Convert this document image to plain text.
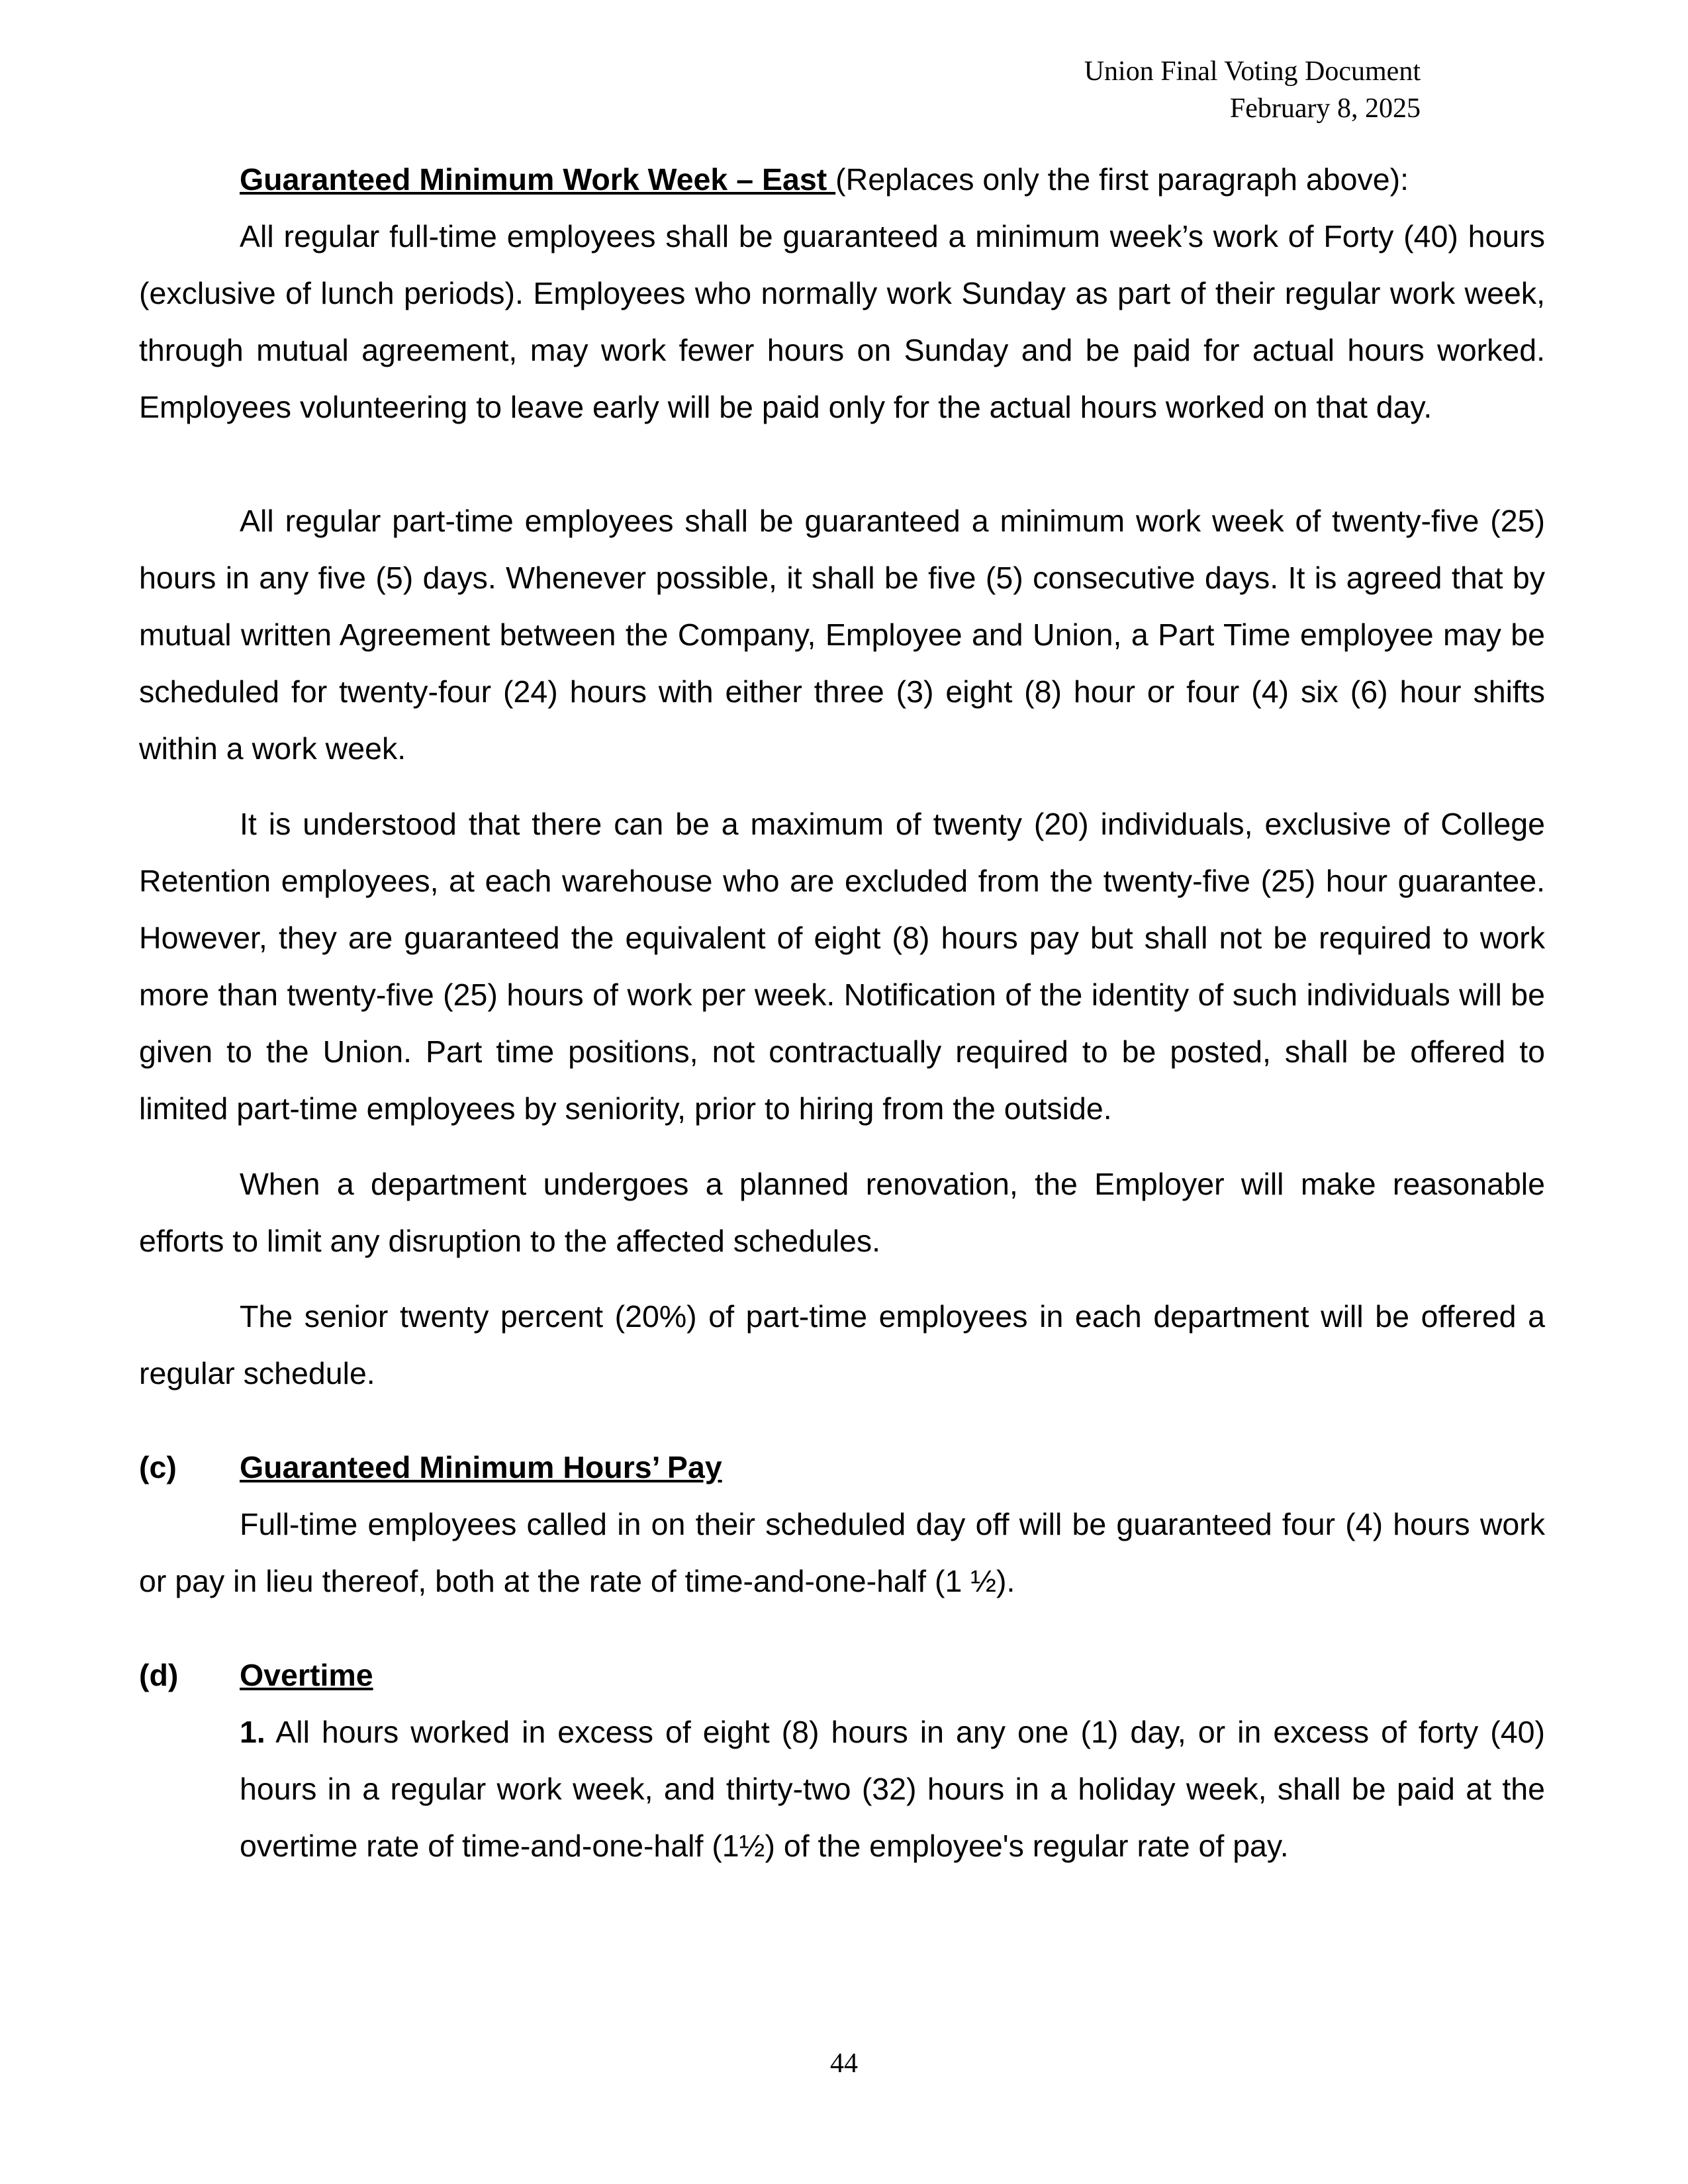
Union Final Voting Document
February 8, 2025

Guaranteed Minimum Work Week – East (Replaces only the first paragraph above):

All regular full-time employees shall be guaranteed a minimum week’s work of Forty (40) hours (exclusive of lunch periods). Employees who normally work Sunday as part of their regular work week, through mutual agreement, may work fewer hours on Sunday and be paid for actual hours worked. Employees volunteering to leave early will be paid only for the actual hours worked on that day.

All regular part-time employees shall be guaranteed a minimum work week of twenty-five (25) hours in any five (5) days. Whenever possible, it shall be five (5) consecutive days. It is agreed that by mutual written Agreement between the Company, Employee and Union, a Part Time employee may be scheduled for twenty-four (24) hours with either three (3) eight (8) hour or four (4) six (6) hour shifts within a work week.

It is understood that there can be a maximum of twenty (20) individuals, exclusive of College Retention employees, at each warehouse who are excluded from the twenty-five (25) hour guarantee. However, they are guaranteed the equivalent of eight (8) hours pay but shall not be required to work more than twenty-five (25) hours of work per week. Notification of the identity of such individuals will be given to the Union. Part time positions, not contractually required to be posted, shall be offered to limited part-time employees by seniority, prior to hiring from the outside.

When a department undergoes a planned renovation, the Employer will make reasonable efforts to limit any disruption to the affected schedules.

The senior twenty percent (20%) of part-time employees in each department will be offered a regular schedule.

(c)	Guaranteed Minimum Hours’ Pay

Full-time employees called in on their scheduled day off will be guaranteed four (4) hours work or pay in lieu thereof, both at the rate of time-and-one-half (1 ½).

(d)	Overtime

1. All hours worked in excess of eight (8) hours in any one (1) day, or in excess of forty (40) hours in a regular work week, and thirty-two (32) hours in a holiday week, shall be paid at the overtime rate of time-and-one-half (1½) of the employee's regular rate of pay.

44
